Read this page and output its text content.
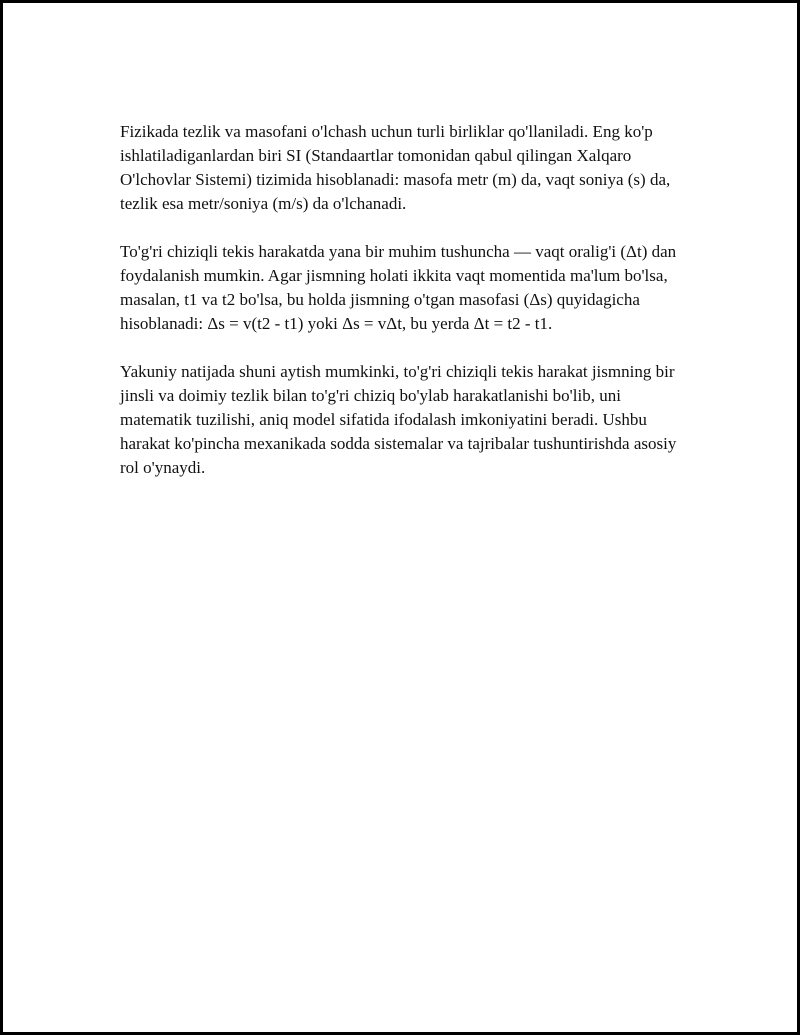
Fizikada tezlik va masofani o'lchash uchun turli birliklar qo'llaniladi. Eng ko'p ishlatiladiganlardan biri SI (Standaartlar tomonidan qabul qilingan Xalqaro O'lchovlar Sistemi) tizimida hisoblanadi: masofa metr (m) da, vaqt soniya (s) da, tezlik esa metr/soniya (m/s) da o'lchanadi.

To'g'ri chiziqli tekis harakatda yana bir muhim tushuncha — vaqt oralig'i (Δt) dan foydalanish mumkin. Agar jismning holati ikkita vaqt momentida ma'lum bo'lsa, masalan, t1 va t2 bo'lsa, bu holda jismning o'tgan masofasi (Δs) quyidagicha hisoblanadi: Δs = v(t2 - t1) yoki Δs = vΔt, bu yerda Δt = t2 - t1.

Yakuniy natijada shuni aytish mumkinki, to'g'ri chiziqli tekis harakat jismning bir jinsli va doimiy tezlik bilan to'g'ri chiziq bo'ylab harakatlanishi bo'lib, uni matematik tuzilishi, aniq model sifatida ifodalash imkoniyatini beradi. Ushbu harakat ko'pincha mexanikada sodda sistemalar va tajribalar tushuntirishda asosiy rol o'ynaydi.
